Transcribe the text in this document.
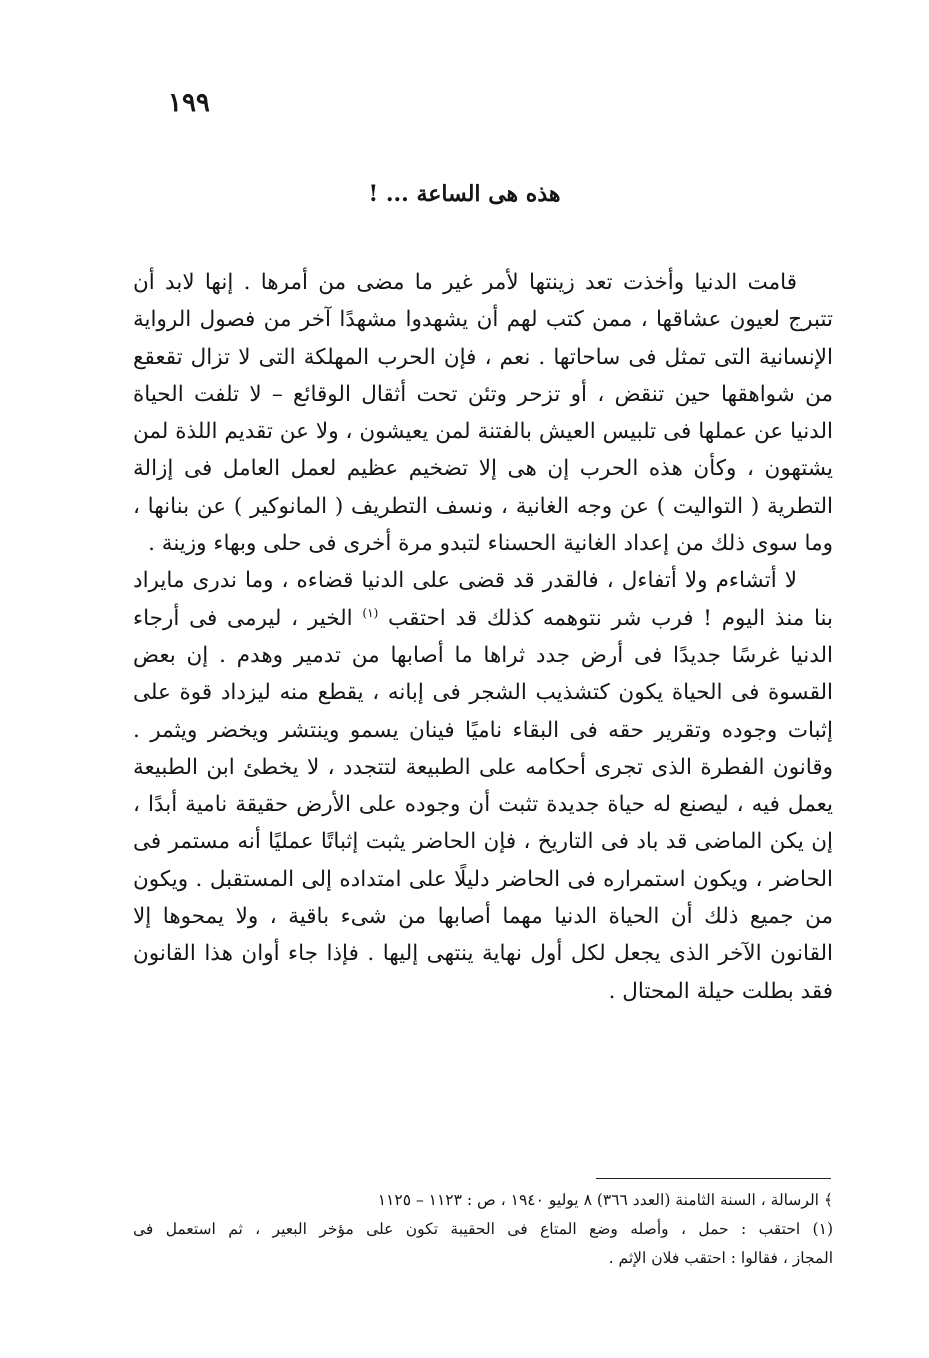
١٩٩
هذه هى الساعة ... !
قامت الدنيا وأخذت تعد زينتها لأمر غير ما مضى من أمرها . إنها لابد أن
تتبرج لعيون عشاقها ، ممن كتب لهم أن يشهدوا مشهدًا آخر من فصول الرواية
الإنسانية التى تمثل فى ساحاتها . نعم ، فإن الحرب المهلكة التى لا تزال تقعقع
من شواهقها حين تنقض ، أو تزحر وتئن تحت أثقال الوقائع – لا تلفت الحياة
الدنيا عن عملها فى تلبيس العيش بالفتنة لمن يعيشون ، ولا عن تقديم اللذة لمن
يشتهون ، وكأن هذه الحرب إن هى إلا تضخيم عظيم لعمل العامل فى إزالة
التطرية ( التواليت ) عن وجه الغانية ، ونسف التطريف ( المانوكير ) عن بنانها ،
وما سوى ذلك من إعداد الغانية الحسناء لتبدو مرة أخرى فى حلى وبهاء وزينة .
لا أتشاءم ولا أتفاءل ، فالقدر قد قضى على الدنيا قضاءه ، وما ندرى مايراد
بنا منذ اليوم ! فرب شر نتوهمه كذلك قد احتقب $^{(١)}$ الخير ، ليرمى فى أرجاء
الدنيا غرسًا جديدًا فى أرض جدد ثراها ما أصابها من تدمير وهدم . إن بعض
القسوة فى الحياة يكون كتشذيب الشجر فى إبانه ، يقطع منه ليزداد قوة على
إثبات وجوده وتقرير حقه فى البقاء ناميًا فينان يسمو وينتشر ويخضر ويثمر .
وقانون الفطرة الذى تجرى أحكامه على الطبيعة لتتجدد ، لا يخطئ ابن الطبيعة
يعمل فيه ، ليصنع له حياة جديدة تثبت أن وجوده على الأرض حقيقة نامية أبدًا ،
إن يكن الماضى قد باد فى التاريخ ، فإن الحاضر يثبت إثباتًا عمليًا أنه مستمر فى
الحاضر ، ويكون استمراره فى الحاضر دليلًا على امتداده إلى المستقبل . ويكون
من جميع ذلك أن الحياة الدنيا مهما أصابها من شىء باقية ، ولا يمحوها إلا
القانون الآخر الذى يجعل لكل أول نهاية ينتهى إليها . فإذا جاء أوان هذا القانون
فقد بطلت حيلة المحتال .
﴾ الرسالة ، السنة الثامنة (العدد ٣٦٦) ٨ يوليو ١٩٤٠ ، ص : ١١٢٣ – ١١٢٥
(١) احتقب : حمل ، وأصله وضع المتاع فى الحقيبة تكون على مؤخر البعير ، ثم استعمل فى
المجاز ، فقالوا : احتقب فلان الإثم .
